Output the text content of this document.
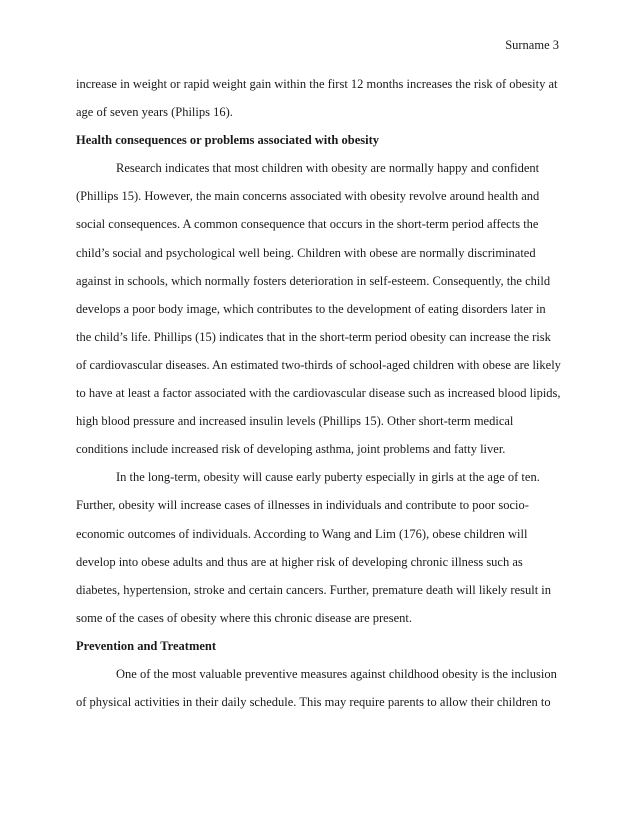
Surname 3
increase in weight or rapid weight gain within the first 12 months increases the risk of obesity at
age of seven years (Philips 16).
Health consequences or problems associated with obesity
Research indicates that most children with obesity are normally happy and confident
(Phillips 15). However, the main concerns associated with obesity revolve around health and
social consequences. A common consequence that occurs in the short-term period affects the
child’s social and psychological well being. Children with obese are normally discriminated
against in schools, which normally fosters deterioration in self-esteem. Consequently, the child
develops a poor body image, which contributes to the development of eating disorders later in
the child’s life. Phillips (15) indicates that in the short-term period obesity can increase the risk
of cardiovascular diseases. An estimated two-thirds of school-aged children with obese are likely
to have at least a factor associated with the cardiovascular disease such as increased blood lipids,
high blood pressure and increased insulin levels (Phillips 15). Other short-term medical
conditions include increased risk of developing asthma, joint problems and fatty liver.
In the long-term, obesity will cause early puberty especially in girls at the age of ten.
Further, obesity will increase cases of illnesses in individuals and contribute to poor socio-
economic outcomes of individuals. According to Wang and Lim (176), obese children will
develop into obese adults and thus are at higher risk of developing chronic illness such as
diabetes, hypertension, stroke and certain cancers. Further, premature death will likely result in
some of the cases of obesity where this chronic disease are present.
Prevention and Treatment
One of the most valuable preventive measures against childhood obesity is the inclusion
of physical activities in their daily schedule. This may require parents to allow their children to
